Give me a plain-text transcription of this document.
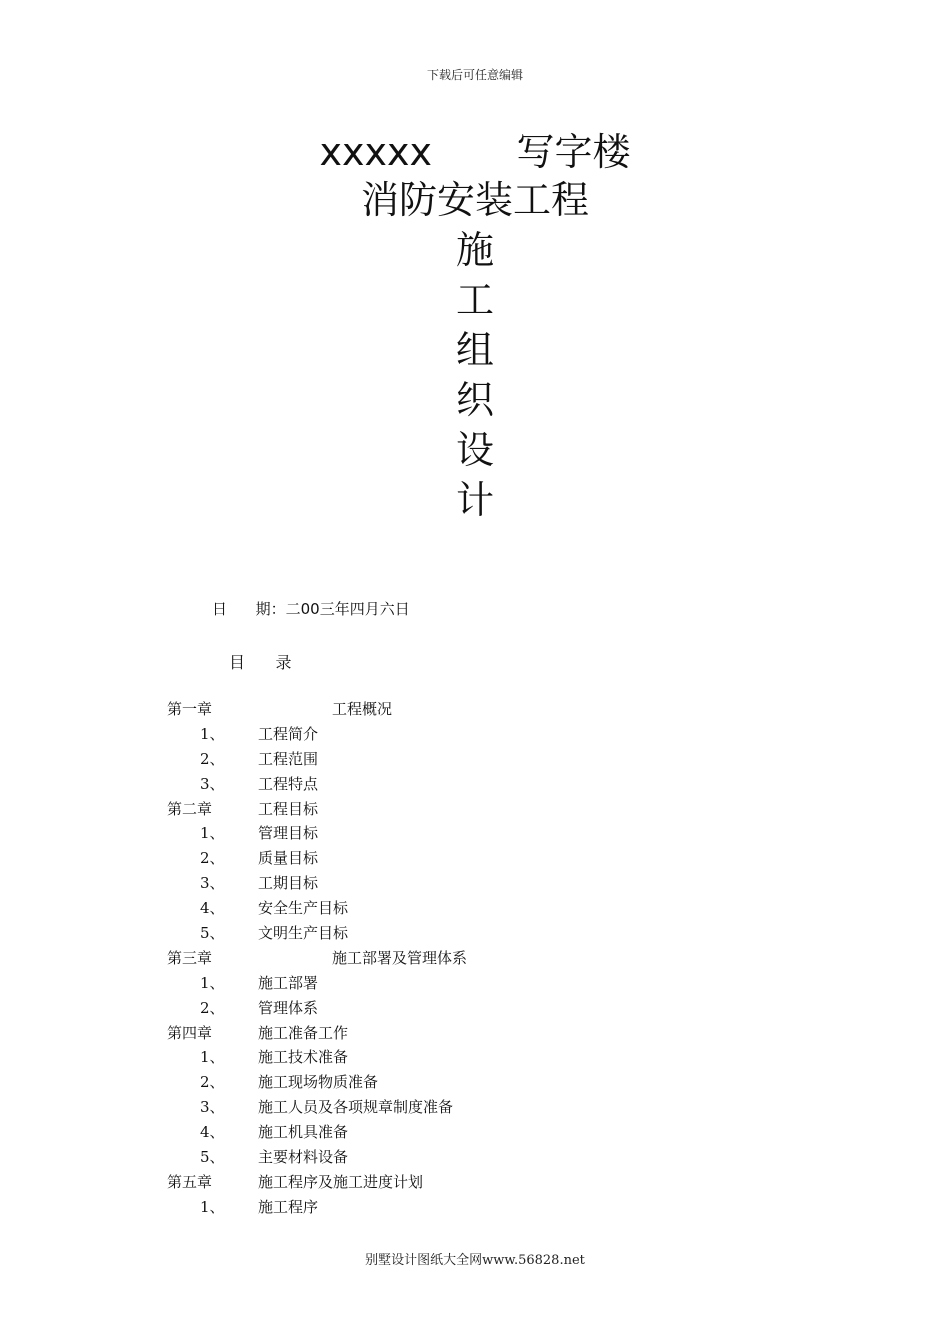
下载后可任意编辑
xxxxx       写字楼
消防安装工程
施
工
组
织
设
计
日      期：二00三年四月六日
目      录
第一章	工程概况
1、 工程简介
2、 工程范围
3、 工程特点
第二章	工程目标
1、 管理目标
2、 质量目标
3、 工期目标
4、 安全生产目标
5、 文明生产目标
第三章	施工部署及管理体系
1、 施工部署
2、 管理体系
第四章	施工准备工作
1、 施工技术准备
2、 施工现场物质准备
3、 施工人员及各项规章制度准备
4、 施工机具准备
5、 主要材料设备
第五章	施工程序及施工进度计划
1、 施工程序
别墅设计图纸大全网www.56828.net
